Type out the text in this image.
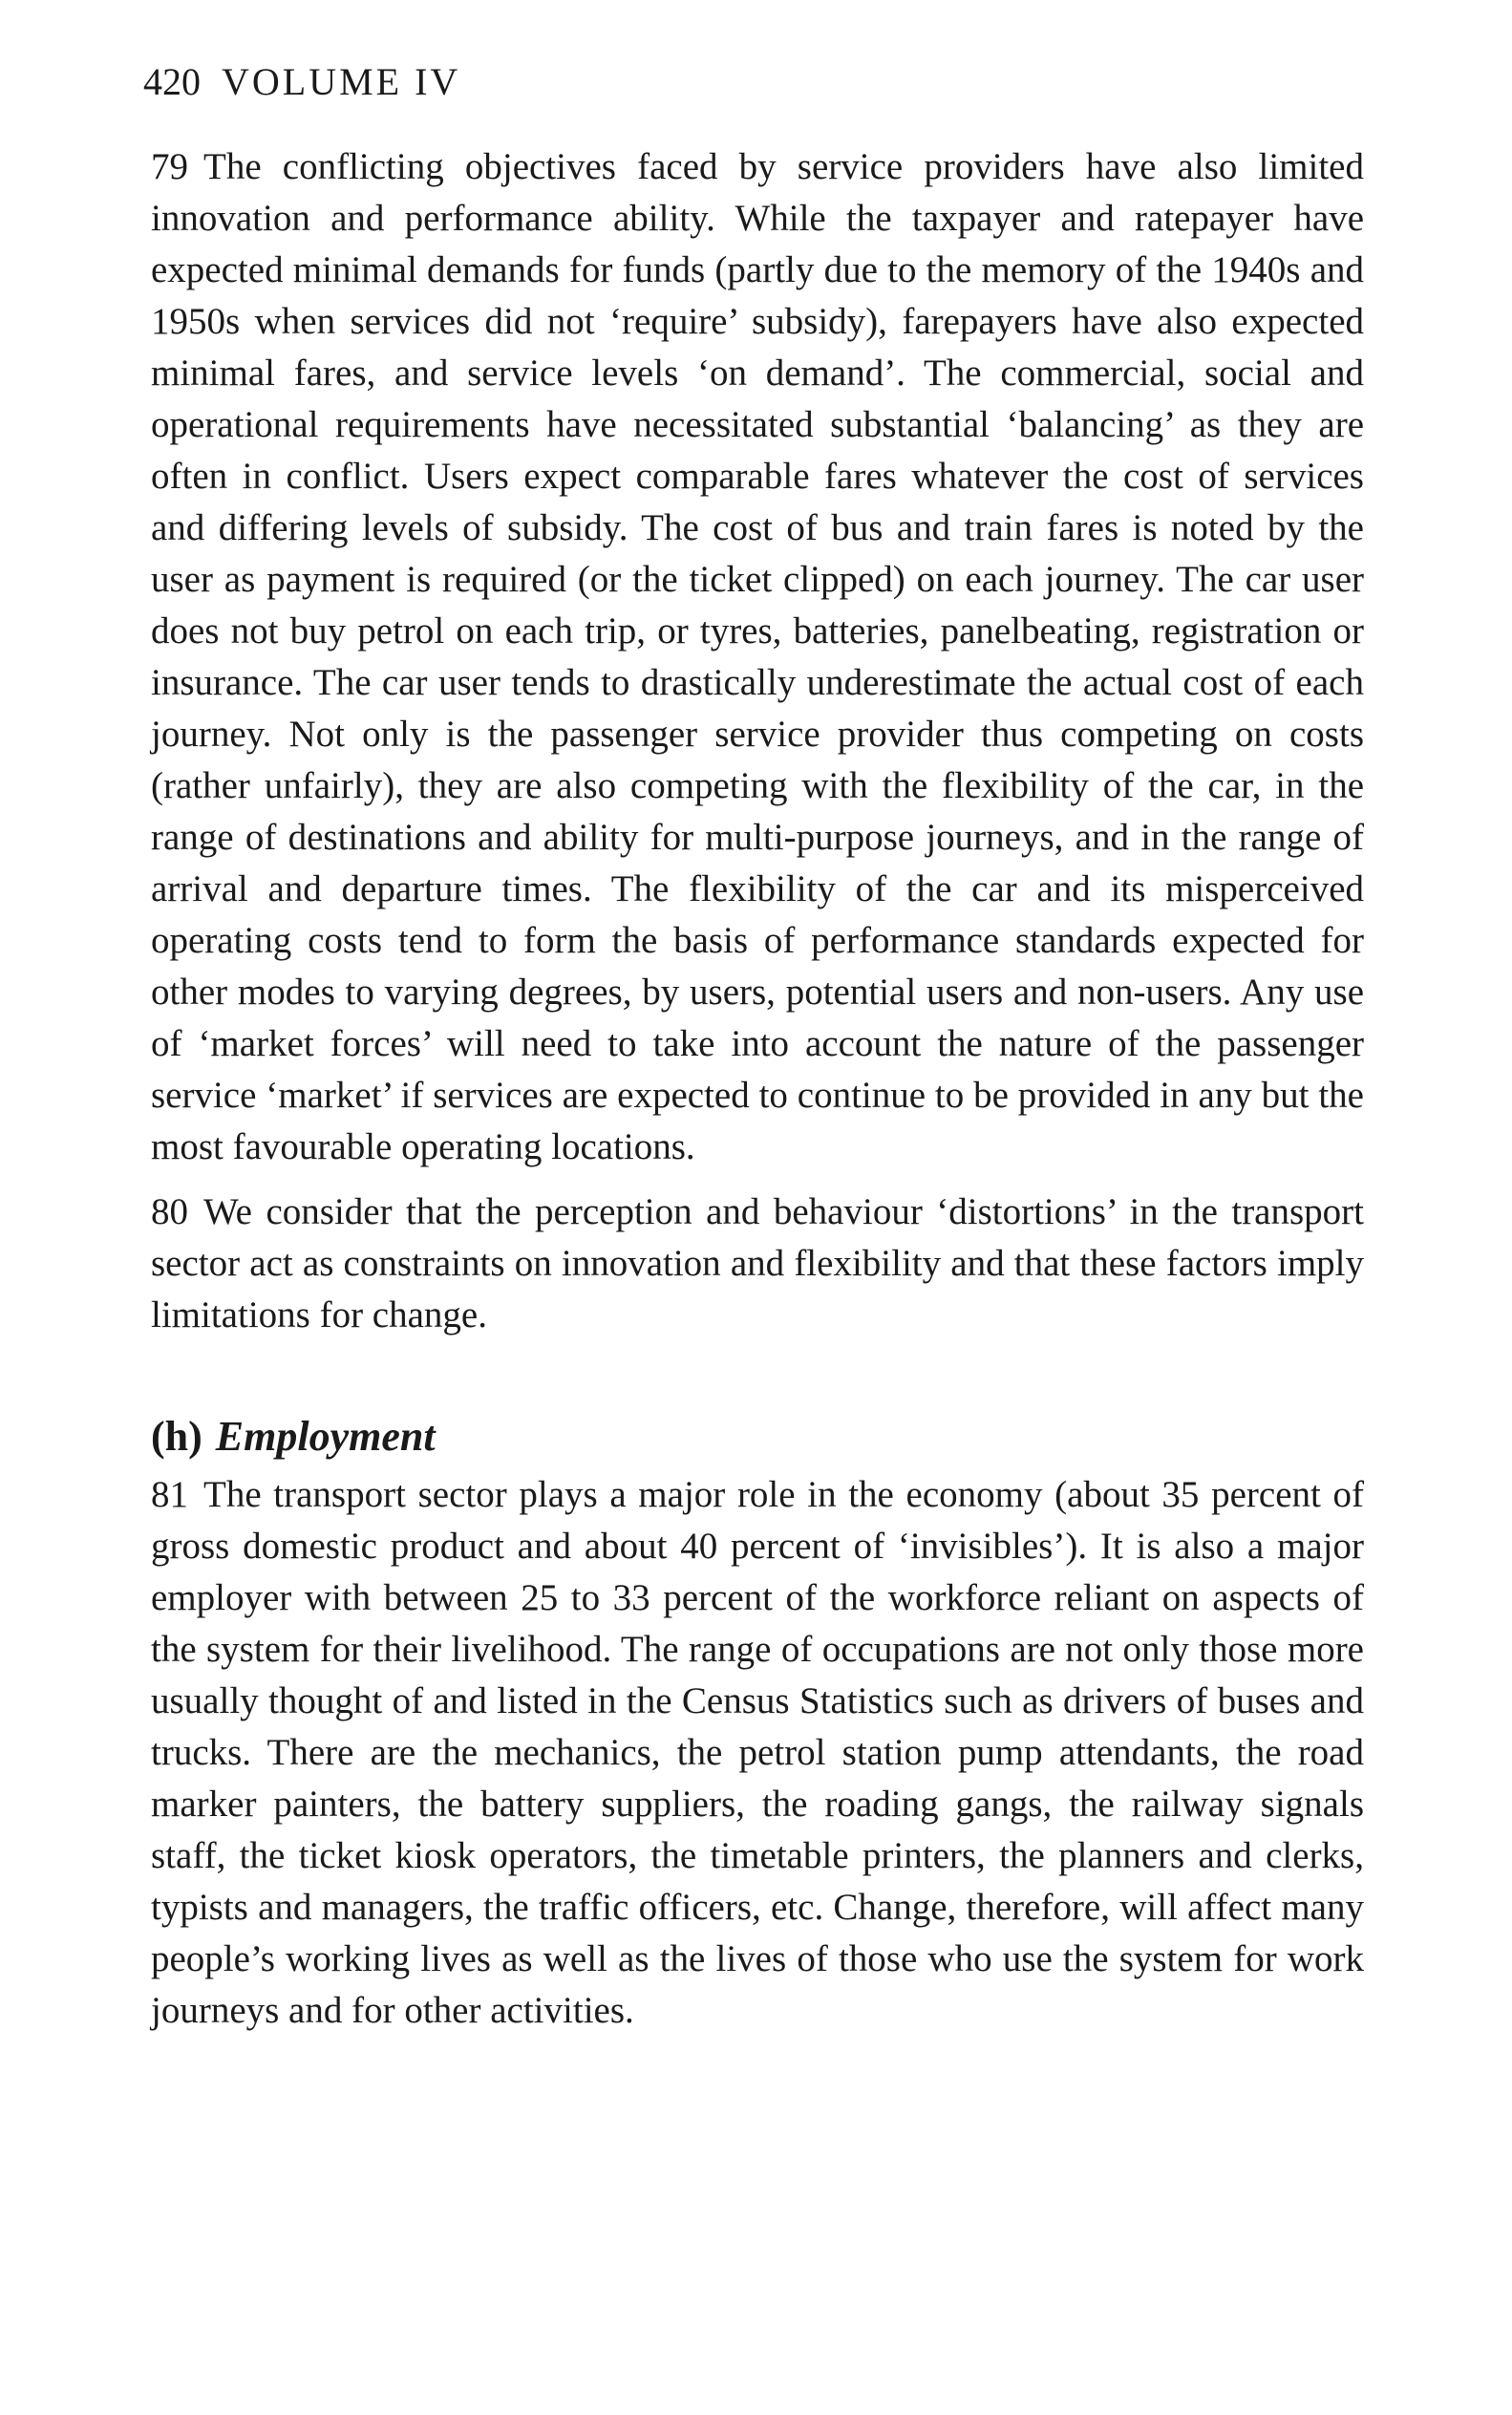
420 VOLUME IV

79 The conflicting objectives faced by service providers have also limited innovation and performance ability. While the taxpayer and ratepayer have expected minimal demands for funds (partly due to the memory of the 1940s and 1950s when services did not ‘require’ subsidy), farepayers have also expected minimal fares, and service levels ‘on demand’. The commercial, social and operational requirements have necessitated substantial ‘balancing’ as they are often in conflict. Users expect comparable fares whatever the cost of services and differing levels of subsidy. The cost of bus and train fares is noted by the user as payment is required (or the ticket clipped) on each journey. The car user does not buy petrol on each trip, or tyres, batteries, panelbeating, registration or insurance. The car user tends to drastically underestimate the actual cost of each journey. Not only is the passenger service provider thus competing on costs (rather unfairly), they are also competing with the flexibility of the car, in the range of destinations and ability for multi-purpose journeys, and in the range of arrival and departure times. The flexibility of the car and its misperceived operating costs tend to form the basis of performance standards expected for other modes to varying degrees, by users, potential users and non-users. Any use of ‘market forces’ will need to take into account the nature of the passenger service ‘market’ if services are expected to continue to be provided in any but the most favourable operating locations.

80 We consider that the perception and behaviour ‘distortions’ in the transport sector act as constraints on innovation and flexibility and that these factors imply limitations for change.

(h) Employment

81 The transport sector plays a major role in the economy (about 35 percent of gross domestic product and about 40 percent of ‘invisibles’). It is also a major employer with between 25 to 33 percent of the workforce reliant on aspects of the system for their livelihood. The range of occupations are not only those more usually thought of and listed in the Census Statistics such as drivers of buses and trucks. There are the mechanics, the petrol station pump attendants, the road marker painters, the battery suppliers, the roading gangs, the railway signals staff, the ticket kiosk operators, the timetable printers, the planners and clerks, typists and managers, the traffic officers, etc. Change, therefore, will affect many people’s working lives as well as the lives of those who use the system for work journeys and for other activities.
